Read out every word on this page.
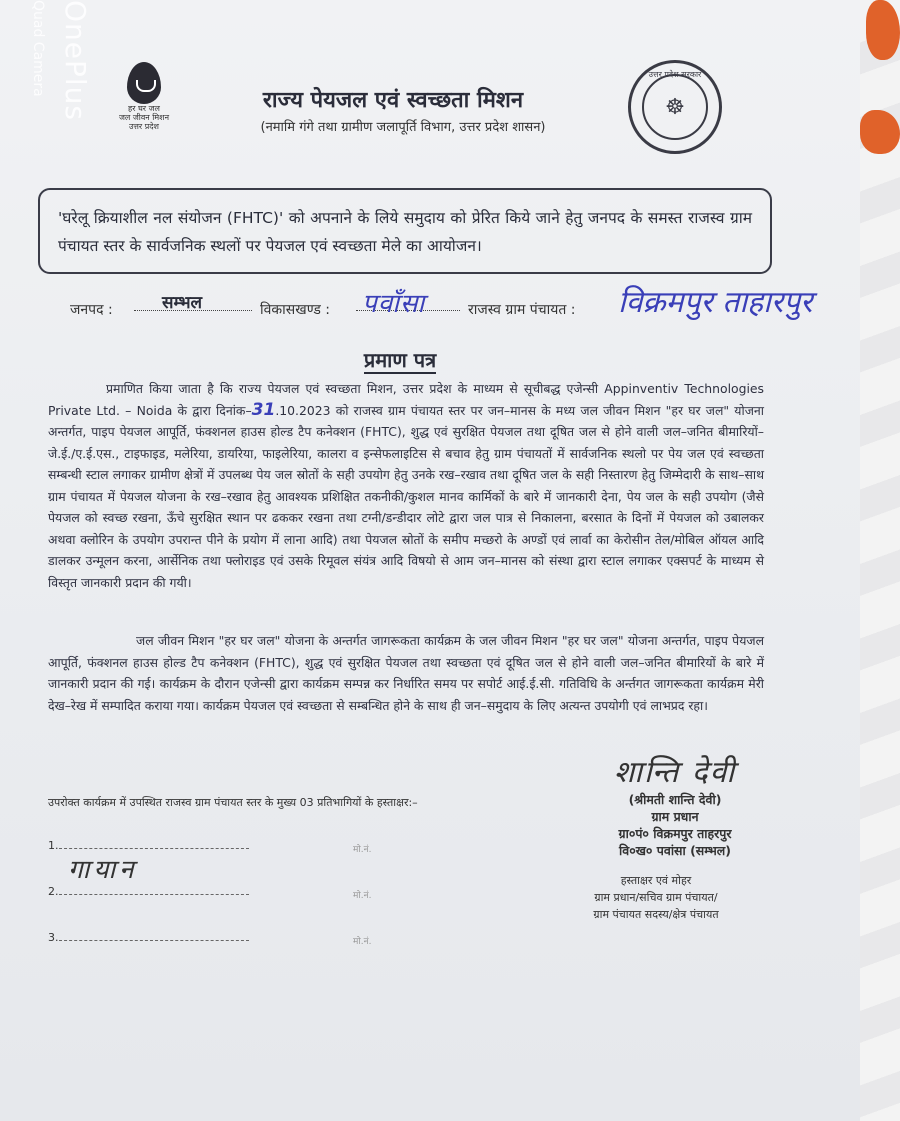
हर घर जल
जल जीवन मिशन
उत्तर प्रदेश
राज्य पेयजल एवं स्वच्छता मिशन
(नमामि गंगे तथा ग्रामीण जलापूर्ति विभाग, उत्तर प्रदेश शासन)
उत्तर प्रदेश सरकार
☸
'घरेलू क्रियाशील नल संयोजन (FHTC)' को अपनाने के लिये समुदाय को प्रेरित किये जाने हेतु जनपद के समस्त राजस्व ग्राम पंचायत स्तर के सार्वजनिक स्थलों पर पेयजल एवं स्वच्छता मेले का आयोजन।
जनपद :	सम्भल	विकासखण्ड : पवाँसा	राजस्व ग्राम पंचायत : विक्रमपुर ताहारपुर
प्रमाण पत्र

प्रमाणित किया जाता है कि राज्य पेयजल एवं स्वच्छता मिशन, उत्तर प्रदेश के माध्यम से सूचीबद्ध एजेन्सी Appinventiv Technologies Private Ltd. – Noida के द्वारा दिनांक–31.10.2023 को राजस्व ग्राम पंचायत स्तर पर जन–मानस के मध्य जल जीवन मिशन "हर घर जल" योजना अन्तर्गत, पाइप पेयजल आपूर्ति, फंक्शनल हाउस होल्ड टैप कनेक्शन (FHTC), शुद्ध एवं सुरक्षित पेयजल तथा दूषित जल से होने वाली जल–जनित बीमारियों–जे.ई./ए.ई.एस., टाइफाइड, मलेरिया, डायरिया, फाइलेरिया, कालरा व इन्सेफलाइटिस से बचाव हेतु ग्राम पंचायतों में सार्वजनिक स्थलो पर पेय जल एवं स्वच्छता सम्बन्धी स्टाल लगाकर ग्रामीण क्षेत्रों में उपलब्ध पेय जल स्रोतों के सही उपयोग हेतु उनके रख–रखाव तथा दूषित जल के सही निस्तारण हेतु जिम्मेदारी के साथ–साथ ग्राम पंचायत में पेयजल योजना के रख–रखाव हेतु आवश्यक प्रशिक्षित तकनीकी/कुशल मानव कार्मिकों के बारे में जानकारी देना, पेय जल के सही उपयोग (जैसे पेयजल को स्वच्छ रखना, ऊँचे सुरक्षित स्थान पर ढककर रखना तथा टग्नी/डन्डीदार लोटे द्वारा जल पात्र से निकालना, बरसात के दिनों में पेयजल को उबालकर अथवा क्लोरिन के उपयोग उपरान्त पीने के प्रयोग में लाना आदि) तथा पेयजल स्रोतों के समीप मच्छरो के अण्डों एवं लार्वा का केरोसीन तेल/मोबिल ऑयल आदि डालकर उन्मूलन करना, आर्सेनिक तथा फ्लोराइड एवं उसके रिमूवल संयंत्र आदि विषयो से आम जन–मानस को संस्था द्वारा स्टाल लगाकर एक्सपर्ट के माध्यम से विस्तृत जानकारी प्रदान की गयी।

जल जीवन मिशन "हर घर जल" योजना के अन्तर्गत जागरूकता कार्यक्रम के जल जीवन मिशन "हर घर जल" योजना अन्तर्गत, पाइप पेयजल आपूर्ति, फंक्शनल हाउस होल्ड टैप कनेक्शन (FHTC), शुद्ध एवं सुरक्षित पेयजल तथा स्वच्छता एवं दूषित जल से होने वाली जल–जनित बीमारियों के बारे में जानकारी प्रदान की गई। कार्यक्रम के दौरान एजेन्सी द्वारा कार्यक्रम सम्पन्न कर निर्धारित समय पर सपोर्ट आई.ई.सी. गतिविधि के अर्न्तगत जागरूकता कार्यक्रम मेरी देख–रेख में सम्पादित कराया गया। कार्यक्रम पेयजल एवं स्वच्छता से सम्बन्धित होने के साथ ही जन–समुदाय के लिए अत्यन्त उपयोगी एवं लाभप्रद रहा।

उपरोक्त कार्यक्रम में उपस्थित राजस्व ग्राम पंचायत स्तर के मुख्य 03 प्रतिभागियों के हस्ताक्षर:–
1.	मो.नं.
2.	मो.नं.
3.	मो.नं.
गायान
शान्ति देवी
(श्रीमती शान्ति देवी)
ग्राम प्रधान
ग्रा०पं० विक्रमपुर ताहरपुर
वि०ख० पवांसा (सम्भल)
हस्ताक्षर एवं मोहर
ग्राम प्रधान/सचिव ग्राम पंचायत/
ग्राम पंचायत सदस्य/क्षेत्र पंचायत
OnePlus
Quad Camera
